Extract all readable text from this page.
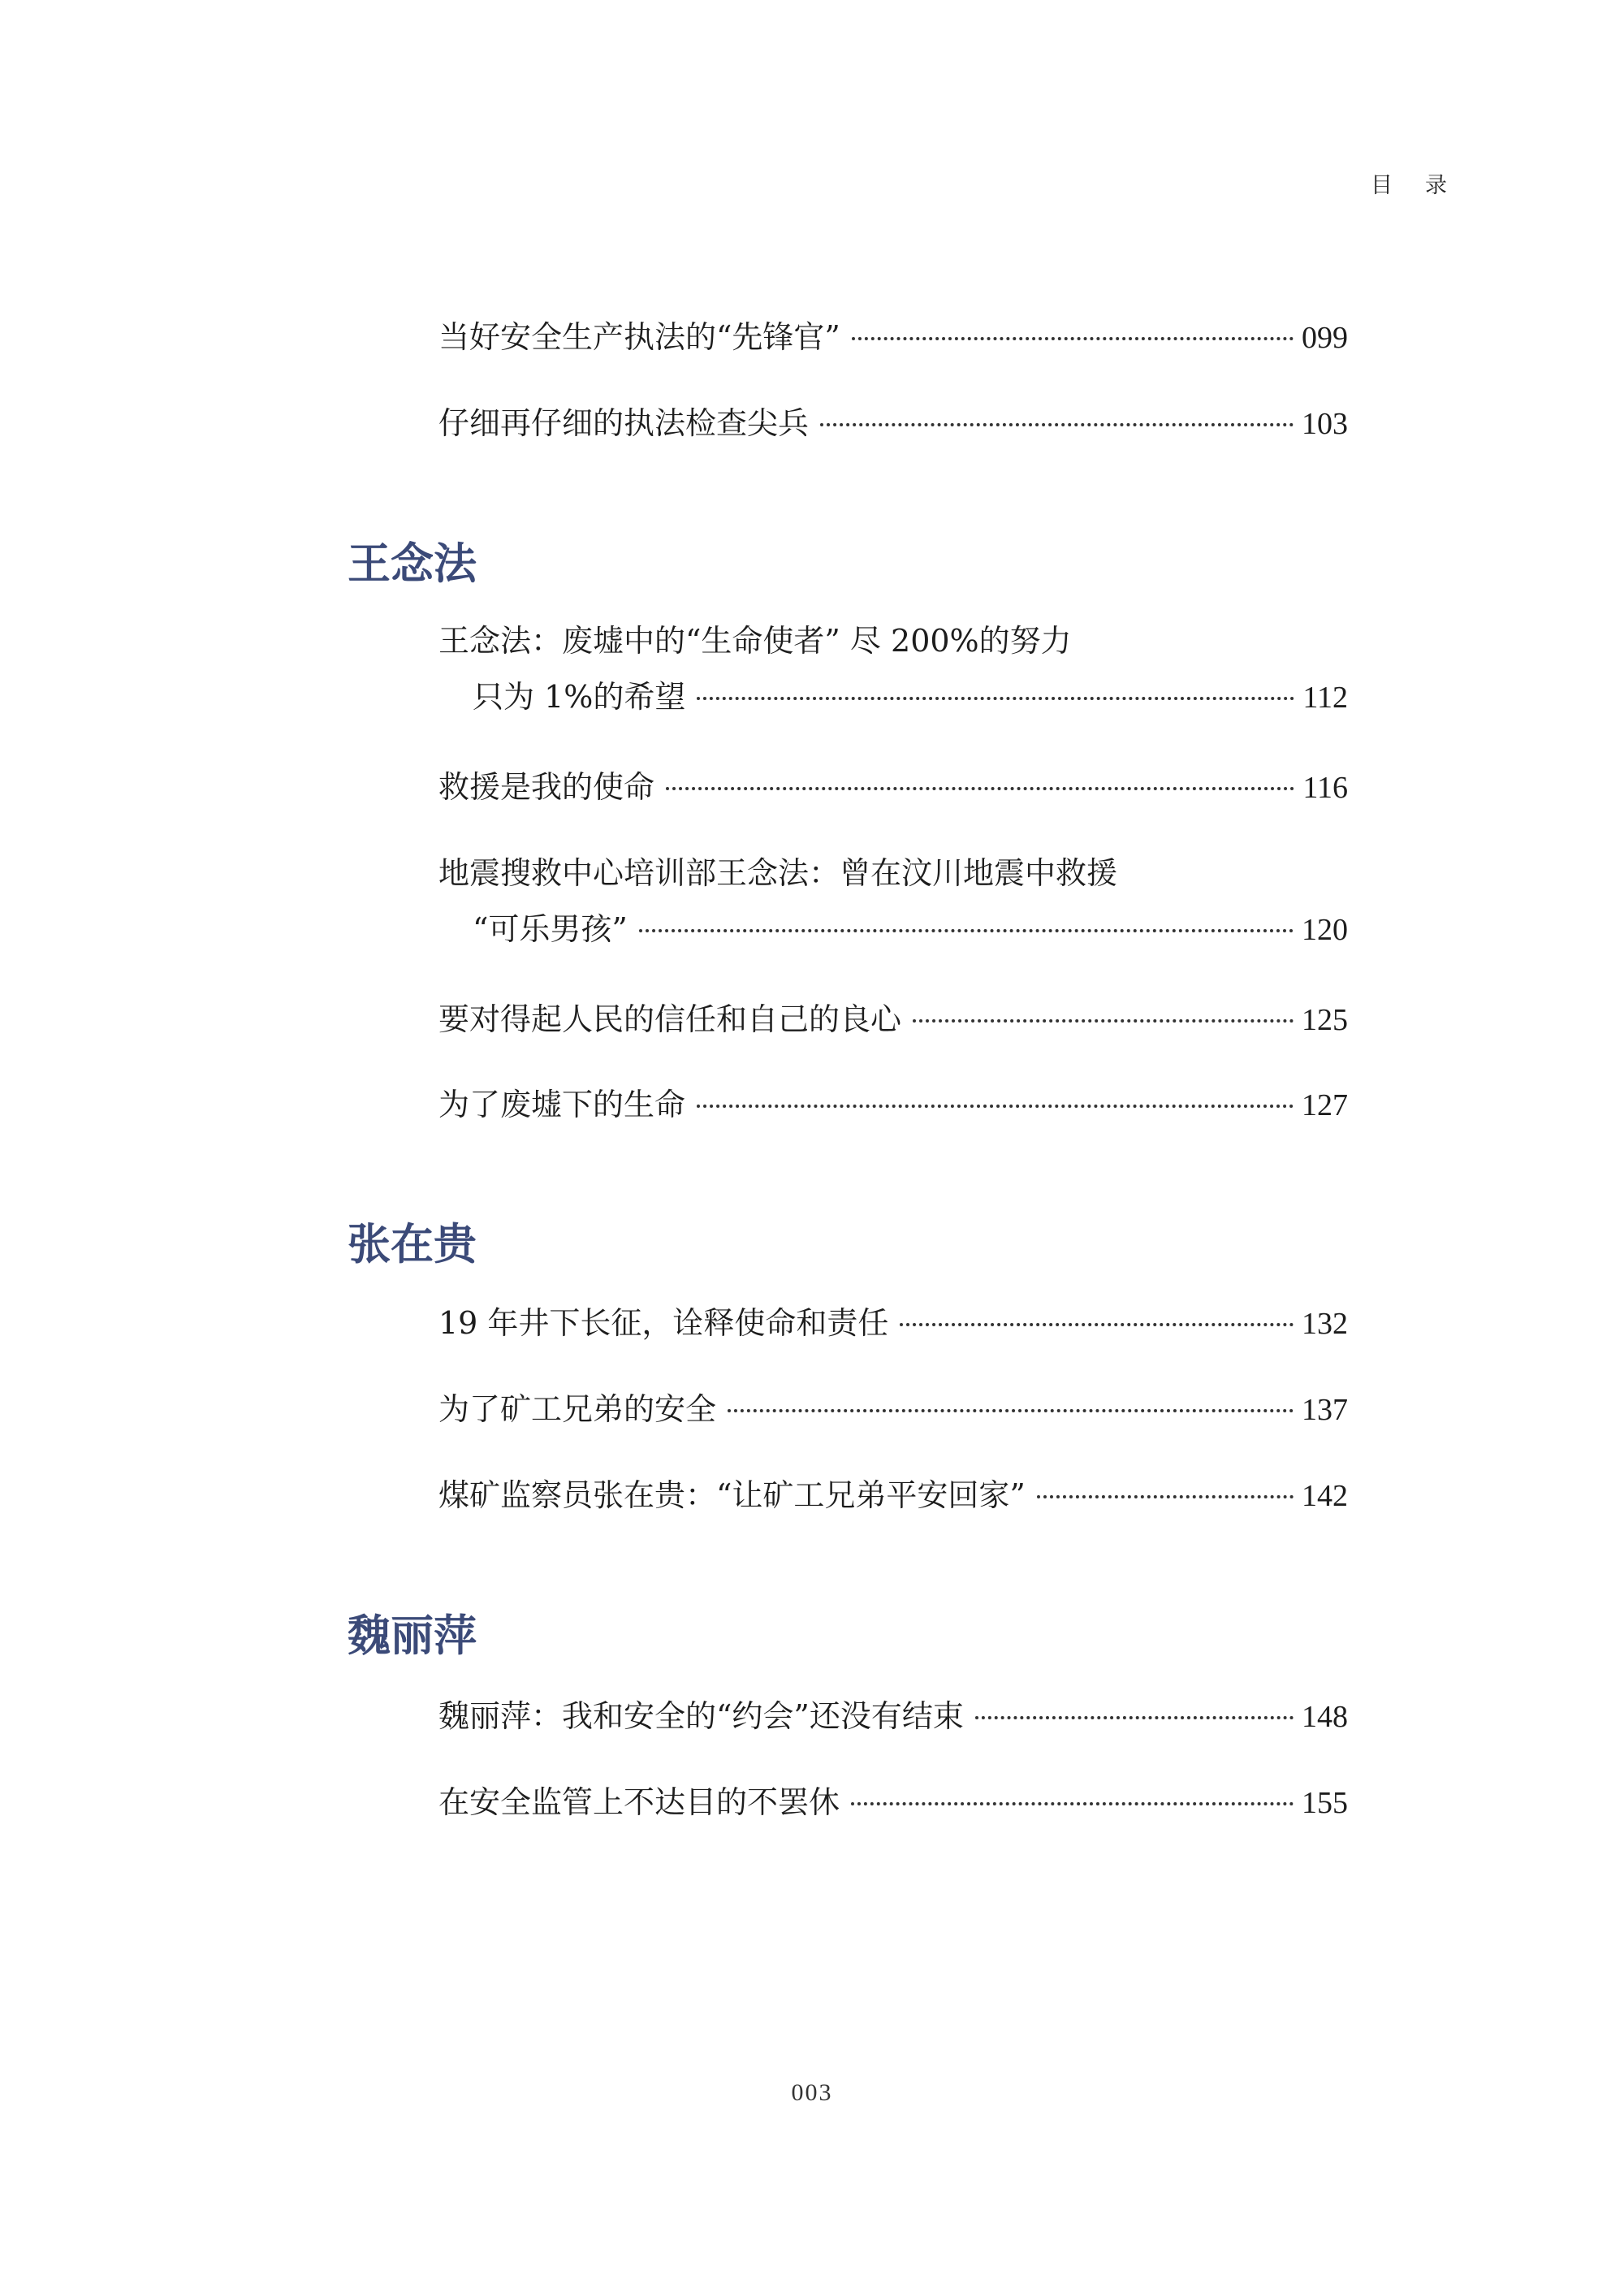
目录
当好安全生产执法的“先锋官”	099
仔细再仔细的执法检查尖兵	103
王念法
王念法：废墟中的“生命使者” 尽 200%的努力
只为 1%的希望	112
救援是我的使命	116
地震搜救中心培训部王念法：曾在汶川地震中救援
“可乐男孩”	120
要对得起人民的信任和自己的良心	125
为了废墟下的生命	127
张在贵
19 年井下长征，诠释使命和责任	132
为了矿工兄弟的安全	137
煤矿监察员张在贵：“让矿工兄弟平安回家”	142
魏丽萍
魏丽萍：我和安全的“约会”还没有结束	148
在安全监管上不达目的不罢休	155
003
